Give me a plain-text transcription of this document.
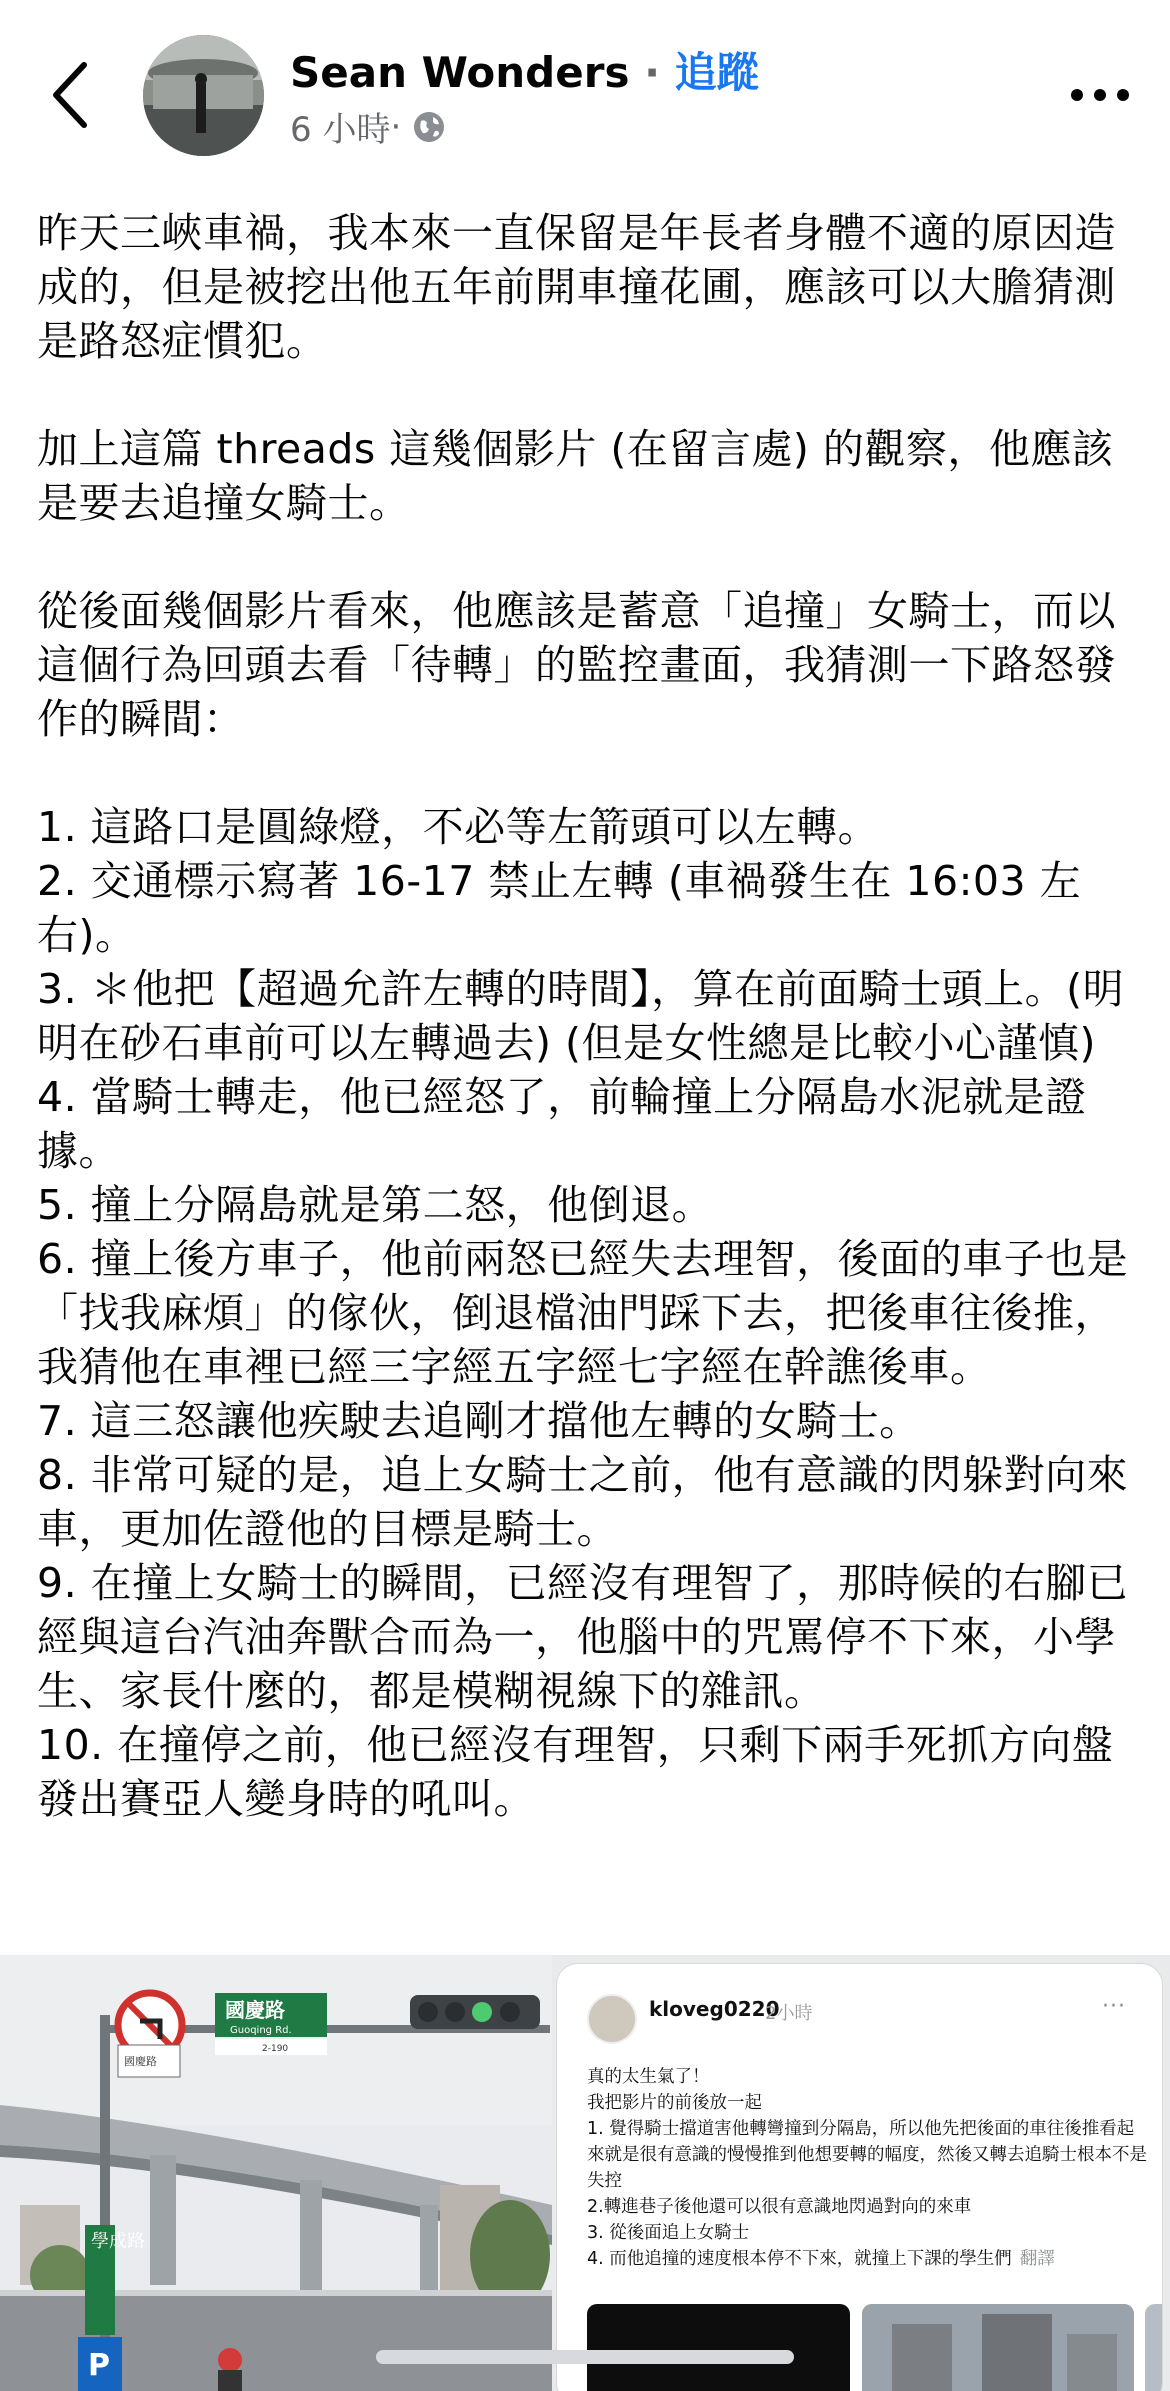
Sean Wonders · 追蹤
6 小時 ·

昨天三峽車禍，我本來一直保留是年長者身體不適的原因造成的，但是被挖出他五年前開車撞花圃，應該可以大膽猜測是路怒症慣犯。

加上這篇 threads 這幾個影片 (在留言處) 的觀察，他應該是要去追撞女騎士。

從後面幾個影片看來，他應該是蓄意「追撞」女騎士，而以這個行為回頭去看「待轉」的監控畫面，我猜測一下路怒發作的瞬間：

1. 這路口是圓綠燈，不必等左箭頭可以左轉。
2. 交通標示寫著 16-17 禁止左轉 (車禍發生在 16:03 左右)。
3. ＊他把【超過允許左轉的時間】，算在前面騎士頭上。(明明在砂石車前可以左轉過去) (但是女性總是比較小心謹慎)
4. 當騎士轉走，他已經怒了，前輪撞上分隔島水泥就是證據。
5. 撞上分隔島就是第二怒，他倒退。
6. 撞上後方車子，他前兩怒已經失去理智，後面的車子也是「找我麻煩」的傢伙，倒退檔油門踩下去，把後車往後推，我猜他在車裡已經三字經五字經七字經在幹譙後車。
7. 這三怒讓他疾駛去追剛才擋他左轉的女騎士。
8. 非常可疑的是，追上女騎士之前，他有意識的閃躲對向來車，更加佐證他的目標是騎士。
9. 在撞上女騎士的瞬間，已經沒有理智了，那時候的右腳已經與這台汽油奔獸合而為一，他腦中的咒罵停不下來，小學生、家長什麼的，都是模糊視線下的雜訊。
10. 在撞停之前，他已經沒有理智，只剩下兩手死抓方向盤發出賽亞人變身時的吼叫。

國慶路
Guoqing Rd.
2-190
國慶路
學成路
P
kloveg0220
2小時	···
真的太生氣了！
我把影片的前後放一起
1. 覺得騎士擋道害他轉彎撞到分隔島，所以他先把後面的車往後推看起來就是很有意識的慢慢推到他想要轉的幅度，然後又轉去追騎士根本不是失控
2.轉進巷子後他還可以很有意識地閃過對向的來車
3. 從後面追上女騎士
4. 而他追撞的速度根本停不下來，就撞上下課的學生們 翻譯
